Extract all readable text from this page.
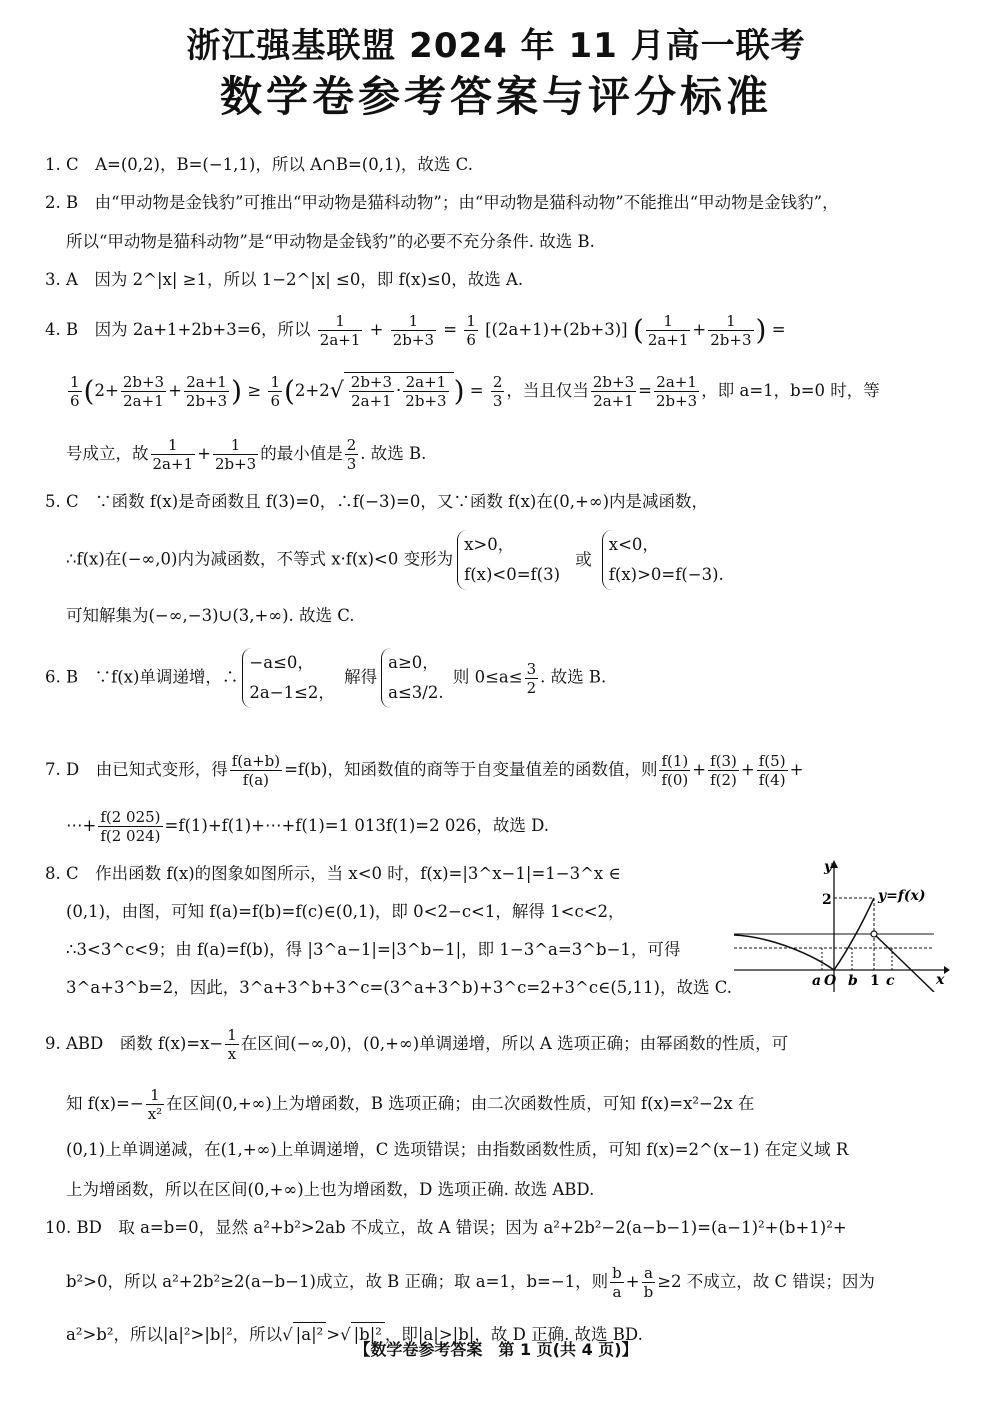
浙江强基联盟 2024 年 11 月高一联考
数学卷参考答案与评分标准
1. C　A=(0,2)，B=(−1,1)，所以 A∩B=(0,1)，故选 C.
2. B　由“甲动物是金钱豹”可推出“甲动物是猫科动物”；由“甲动物是猫科动物”不能推出“甲动物是金钱豹”，
所以“甲动物是猫科动物”是“甲动物是金钱豹”的必要不充分条件. 故选 B.
3. A　因为 2^|x| ≥1，所以 1−2^|x| ≤0，即 f(x)≤0，故选 A.
4. B　因为 2a+1+2b+3=6，所以 $\frac{1}{2a+1} + \frac{1}{2b+3} = \frac{1}{6} [(2a+1)+(2b+3)]$ ( $\frac{1}{2a+1} + \frac{1}{2b+3}$ ) =
$\frac{1}{6} (2+ \frac{2b+3}{2a+1} + \frac{2a+1}{2b+3}$ ) ≥ $\frac{1}{6} (2+2√ \frac{2b+3}{2a+1} \cdot \frac{2a+1}{2b+3}$ ) = $\frac{2}{3}$ ，当且仅当 $\frac{2b+3}{2a+1} = \frac{2a+1}{2b+3}$ ，即 a=1，b=0 时，等
号成立，故 $\frac{1}{2a+1} + \frac{1}{2b+3}$ 的最小值是 $\frac{2}{3}$ . 故选 B.
5. C　∵函数 f(x)是奇函数且 f(3)=0，∴f(−3)=0，又∵函数 f(x)在(0,+∞)内是减函数，
∴f(x)在(−∞,0)内为减函数，不等式 x·f(x)<0 变形为
x>0，
f(x)<0=f(3)
或
x<0，
f(x)>0=f(−3).
可知解集为(−∞,−3)∪(3,+∞). 故选 C.
6. B　∵f(x)单调递增，∴
−a≤0，
2a−1≤2，
解得
a≥0，
a≤3/2.
则 $0\le a\le \frac{3}{2}$ . 故选 B.
7. D　由已知式变形，得 $\frac{f(a+b)}{f(a)} =f(b)$，知函数值的商等于自变量值差的函数值，则 $\frac{f(1)}{f(0)} + \frac{f(3)}{f(2)} + \frac{f(5)}{f(4)}$ +
⋯+ $\frac{f(2 025)}{f(2 024)}$ =f(1)+f(1)+⋯+f(1)=1 013f(1)=2 026，故选 D.
8. C　作出函数 f(x)的图象如图所示，当 x<0 时，f(x)=|3^x−1|=1−3^x ∈
(0,1)，由图，可知 f(a)=f(b)=f(c)∈(0,1)，即 0<2−c<1，解得 1<c<2，
∴3<3^c<9；由 f(a)=f(b)，得 |3^a−1|=|3^b−1|，即 1−3^a=3^b−1，可得
3^a+3^b=2，因此，3^a+3^b+3^c=(3^a+3^b)+3^c=2+3^c∈(5,11)，故选 C.
y
x
y=f(x)
2
a O b 1 c
9. ABD　函数 $f(x)=x- \frac{1}{x}$ 在区间(−∞,0)，(0,+∞)单调递增，所以 A 选项正确；由幂函数的性质，可
知 $f(x)=- \frac{1}{\text{x²}}$ 在区间(0,+∞)上为增函数，B 选项正确；由二次函数性质，可知 f(x)=x²−2x 在
(0,1)上单调递减，在(1,+∞)上单调递增，C 选项错误；由指数函数性质，可知 f(x)=2^(x−1) 在定义域 R
上为增函数，所以在区间(0,+∞)上也为增函数，D 选项正确. 故选 ABD.
10. BD　取 a=b=0，显然 a²+b²>2ab 不成立，故 A 错误；因为 a²+2b²−2(a−b−1)=(a−1)²+(b+1)²+
b²>0，所以 a²+2b²≥2(a−b−1)成立，故 B 正确；取 a=1，b=−1，则 $\frac{b}{a} + \frac{a}{b} \ge 2$ 不成立，故 C 错误；因为
a²>b²，所以|a|²>|b|²，所以√ |a|² >√ |b|² ，即|a|>|b|，故 D 正确. 故选 BD.
【数学卷参考答案　第 1 页(共 4 页)】
